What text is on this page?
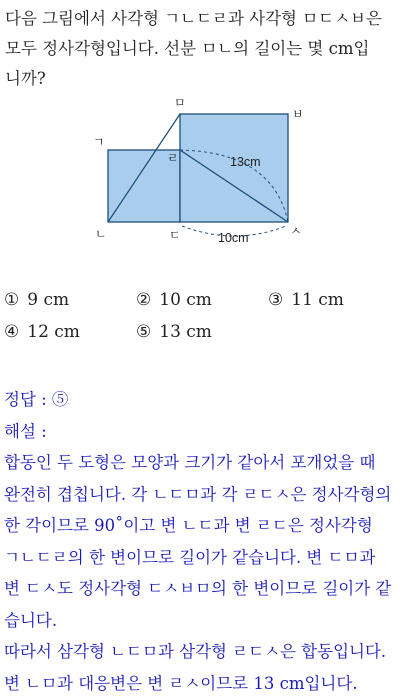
다음 그림에서 사각형 ㄱㄴㄷㄹ과 사각형 ㅁㄷㅅㅂ은
모두 정사각형입니다. 선분 ㅁㄴ의 길이는 몇 cm입
니까?
ㄱ
ㄴ	ㄷ
ㄹ
ㅁ
ㅂ
ㅅ
13cm
10cm
① 9 cm	② 10 cm	③ 11 cm
④ 12 cm	⑤ 13 cm
정답 : ⑤
해설 :
합동인 두 도형은 모양과 크기가 같아서 포개었을 때
완전히 겹칩니다. 각 ㄴㄷㅁ과 각 ㄹㄷㅅ은 정사각형의
한 각이므로 90˚이고 변 ㄴㄷ과 변 ㄹㄷ은 정사각형
ㄱㄴㄷㄹ의 한 변이므로 길이가 같습니다. 변 ㄷㅁ과
변 ㄷㅅ도 정사각형 ㄷㅅㅂㅁ의 한 변이므로 길이가 같
습니다.
따라서 삼각형 ㄴㄷㅁ과 삼각형 ㄹㄷㅅ은 합동입니다.
변 ㄴㅁ과 대응변은 변 ㄹㅅ이므로 13 cm입니다.
